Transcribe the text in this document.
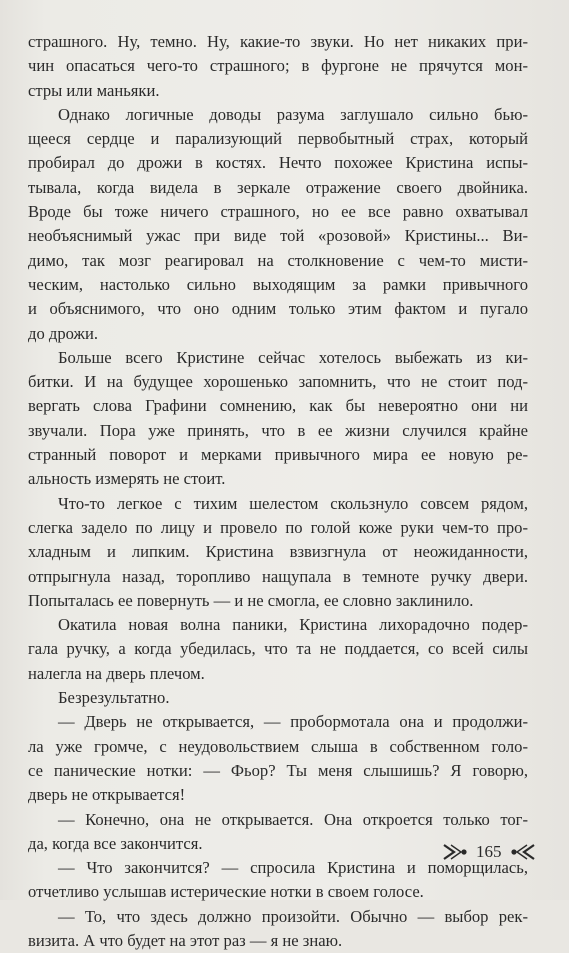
страшного. Ну, темно. Ну, какие-то звуки. Но нет никаких при-
чин опасаться чего-то страшного; в фургоне не прячутся мон-
стры или маньяки.
Однако логичные доводы разума заглушало сильно бью-
щееся сердце и парализующий первобытный страх, который
пробирал до дрожи в костях. Нечто похожее Кристина испы-
тывала, когда видела в зеркале отражение своего двойника.
Вроде бы тоже ничего страшного, но ее все равно охватывал
необъяснимый ужас при виде той «розовой» Кристины... Ви-
димо, так мозг реагировал на столкновение с чем-то мисти-
ческим, настолько сильно выходящим за рамки привычного
и объяснимого, что оно одним только этим фактом и пугало
до дрожи.
Больше всего Кристине сейчас хотелось выбежать из ки-
битки. И на будущее хорошенько запомнить, что не стоит под-
вергать слова Графини сомнению, как бы невероятно они ни
звучали. Пора уже принять, что в ее жизни случился крайне
странный поворот и мерками привычного мира ее новую ре-
альность измерять не стоит.
Что-то легкое с тихим шелестом скользнуло совсем рядом,
слегка задело по лицу и провело по голой коже руки чем-то про-
хладным и липким. Кристина взвизгнула от неожиданности,
отпрыгнула назад, торопливо нащупала в темноте ручку двери.
Попыталась ее повернуть — и не смогла, ее словно заклинило.
Окатила новая волна паники, Кристина лихорадочно подер-
гала ручку, а когда убедилась, что та не поддается, со всей силы
налегла на дверь плечом.
Безрезультатно.
— Дверь не открывается, — пробормотала она и продолжи-
ла уже громче, с неудовольствием слыша в собственном голо-
се панические нотки: — Фьор? Ты меня слышишь? Я говорю,
дверь не открывается!
— Конечно, она не открывается. Она откроется только тог-
да, когда все закончится.
— Что закончится? — спросила Кристина и поморщилась,
отчетливо услышав истерические нотки в своем голосе.
— То, что здесь должно произойти. Обычно — выбор рек-
визита. А что будет на этот раз — я не знаю.
165
